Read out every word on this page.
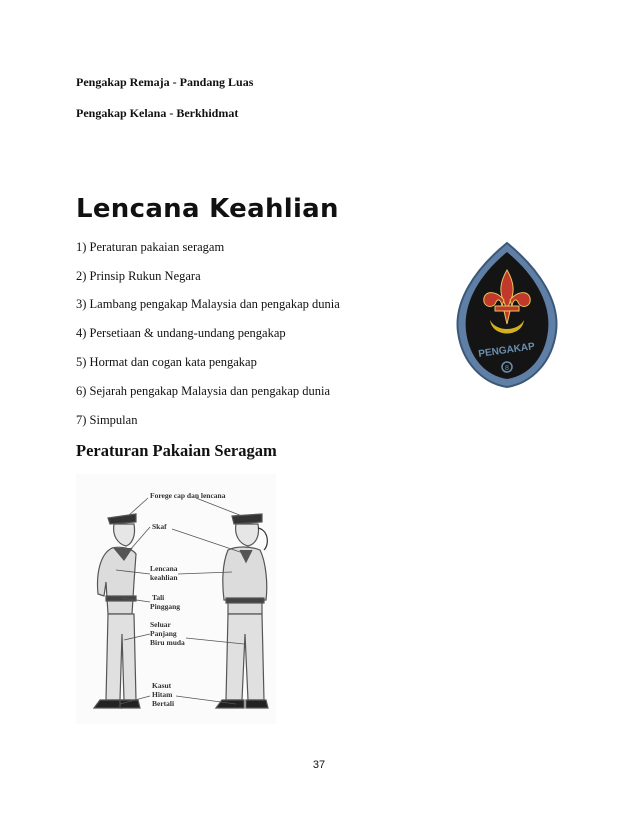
Pengakap Remaja - Pandang Luas
Pengakap Kelana - Berkhidmat
Lencana Keahlian
1) Peraturan pakaian seragam
2) Prinsip Rukun Negara
3) Lambang pengakap Malaysia dan pengakap dunia
4) Persetiaan & undang-undang pengakap
5) Hormat dan cogan kata pengakap
6) Sejarah pengakap Malaysia dan pengakap dunia
7) Simpulan
Peraturan Pakaian Seragam
PENGAKAP
8
Forege cap dan lencana
Skaf
Lencana
keahlian
Tali
Pinggang
Seluar
Panjang
Biru muda
Kasut
Hitam
Bertali
37
